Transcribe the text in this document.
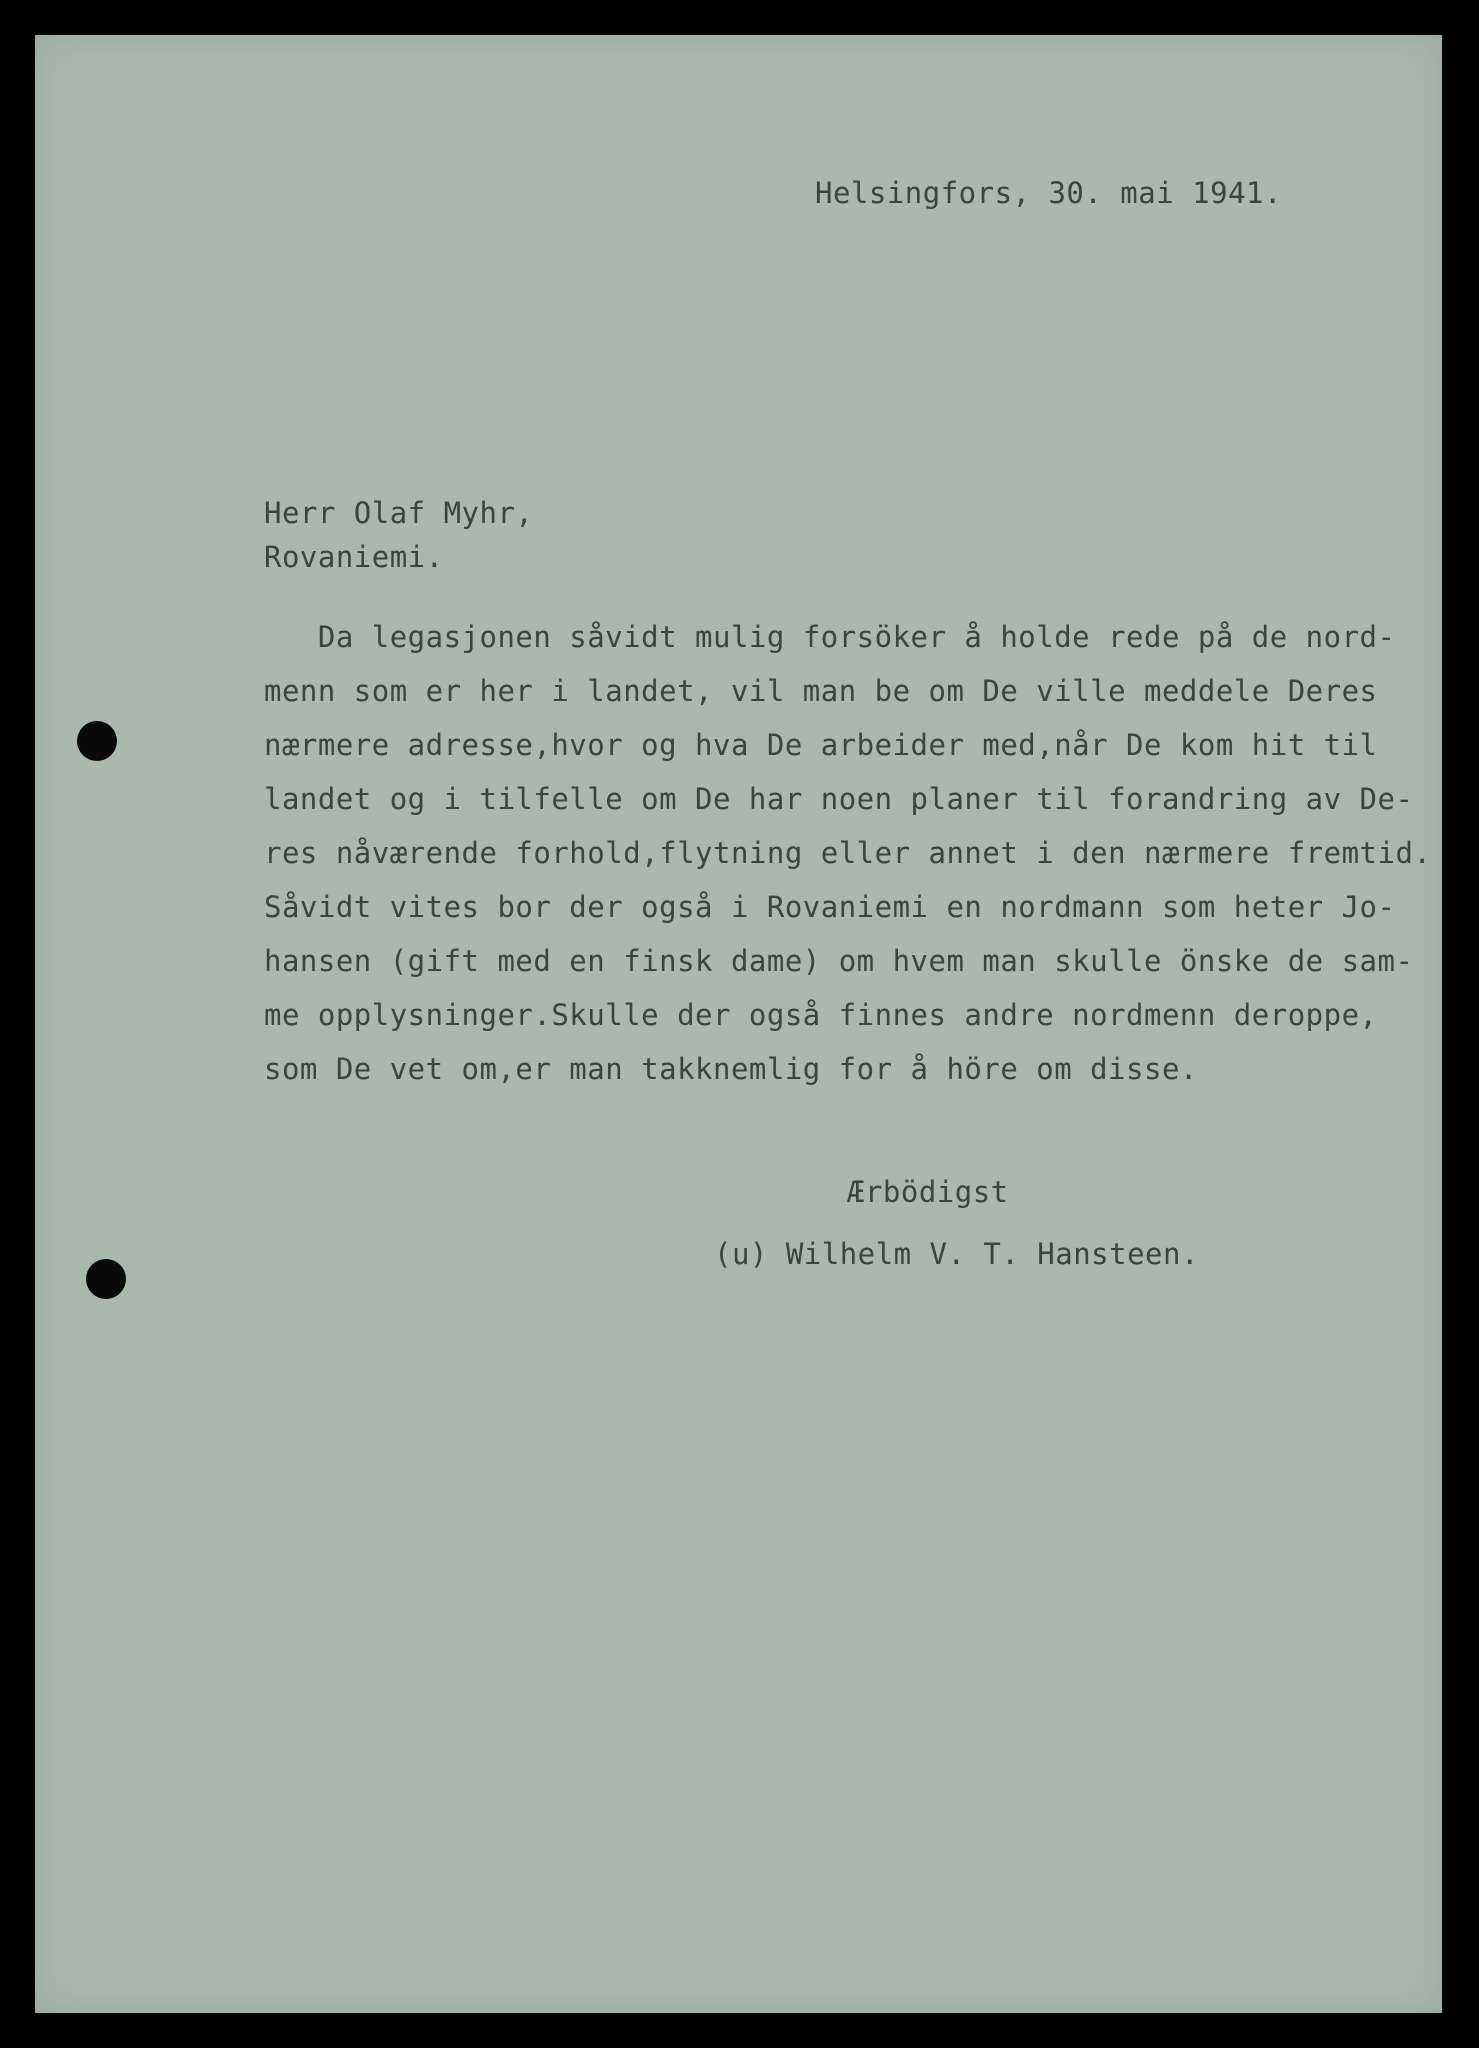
Helsingfors, 30. mai 1941.
Herr Olaf Myhr,
Rovaniemi.
Da legasjonen såvidt mulig forsöker å holde rede på de nord-
menn som er her i landet, vil man be om De ville meddele Deres
nærmere adresse,hvor og hva De arbeider med,når De kom hit til
landet og i tilfelle om De har noen planer til forandring av De-
res nåværende forhold,flytning eller annet i den nærmere fremtid.
Såvidt vites bor der også i Rovaniemi en nordmann som heter Jo-
hansen (gift med en finsk dame) om hvem man skulle önske de sam-
me opplysninger.Skulle der også finnes andre nordmenn deroppe,
som De vet om,er man takknemlig for å höre om disse.
Ærbödigst
(u) Wilhelm V. T. Hansteen.
